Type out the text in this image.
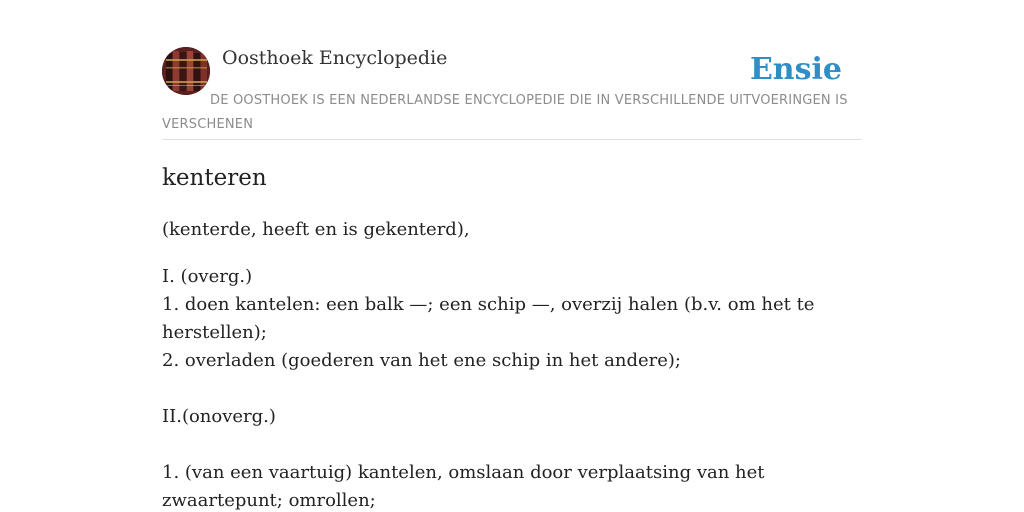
Oosthoek Encyclopedie	Ensie
DE OOSTHOEK IS EEN NEDERLANDSE ENCYCLOPEDIE DIE IN VERSCHILLENDE UITVOERINGEN IS VERSCHENEN
kenteren

(kenterde, heeft en is gekenterd),

I. (overg.)

1. doen kantelen: een balk —; een schip —, overzij halen (b.v. om het te herstellen);

2. overladen (goederen van het ene schip in het andere);

II.(onoverg.)

1. (van een vaartuig) kantelen, omslaan door verplaatsing van het zwaartepunt; omrollen;
